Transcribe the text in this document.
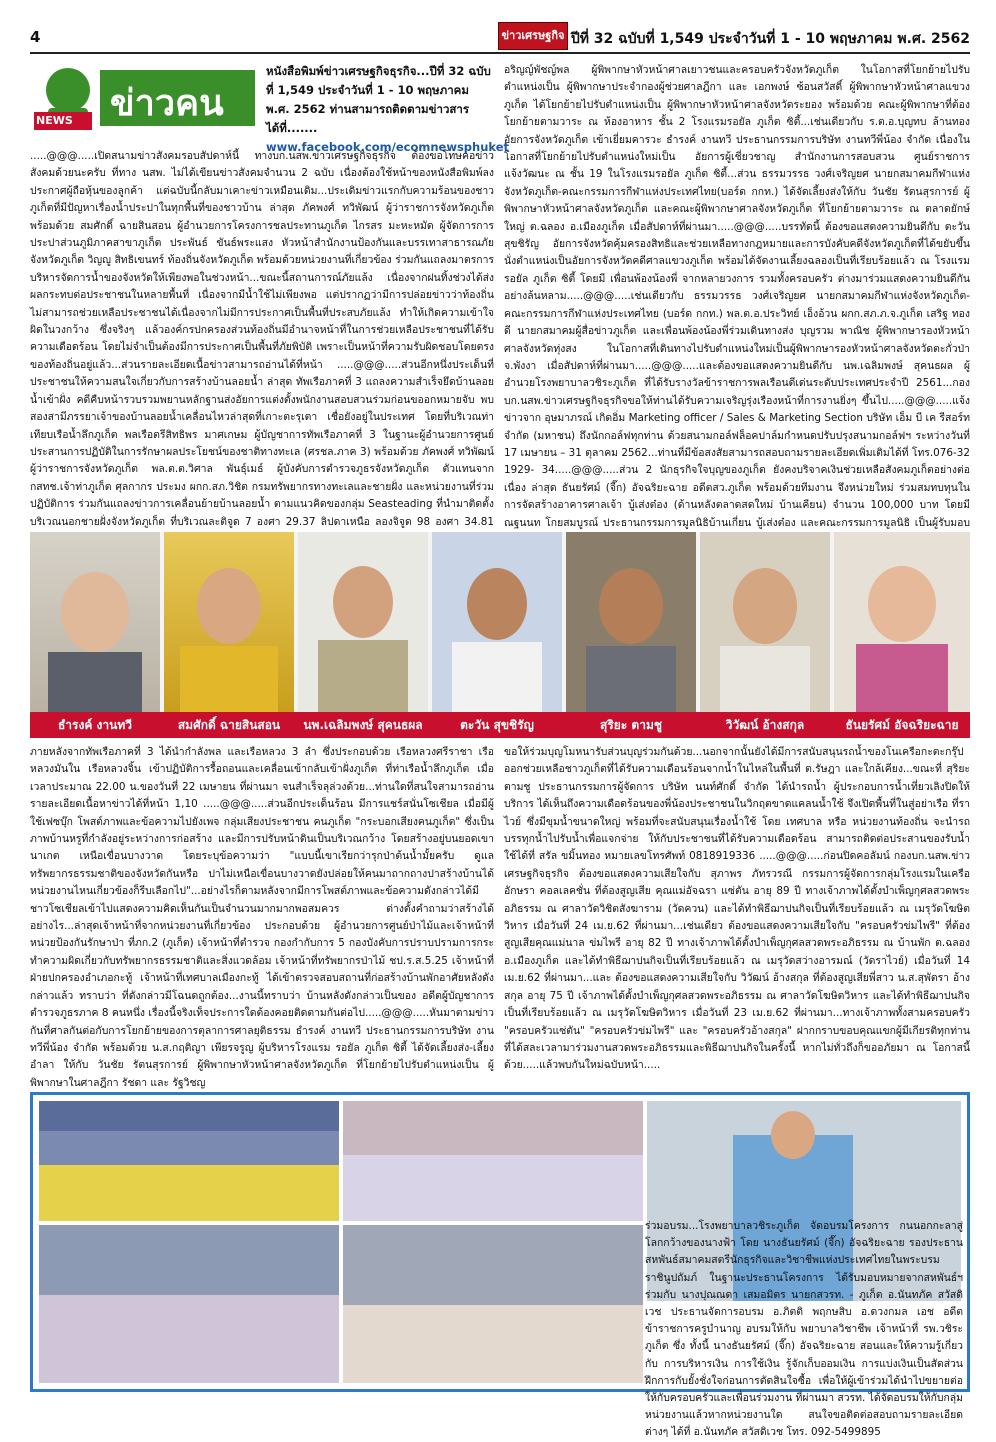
4	ข่าวเศรษฐกิจ ปีที่ 32 ฉบับที่ 1,549 ประจำวันที่ 1 - 10 พฤษภาคม พ.ศ. 2562
NEWS ข่าวคน
หนังสือพิมพ์ข่าวเศรษฐกิจธุรกิจ...ปีที่ 32 ฉบับที่ 1,549 ประจำวันที่ 1 - 10 พฤษภาคม พ.ศ. 2562 ท่านสามารถติดตามข่าวสารได้ที่.......
www.facebook.com/ecomnewsphuket

.....@@@.....เปิดสนามข่าวสังคมรอบสัปดาห์นี้ ทางบก.นสพ.ข่าวเศรษฐกิจธุรกิจ ต้องขอโทษคอข่าวสังคมด้วยนะครับ ที่ทาง นสพ. ไม่ได้เขียนข่าวสังคมจำนวน 2 ฉบับ เนื่องต้องใช้หน้าของหนังสือพิมพ์ลงประกาศผู้ถือหุ้นของลูกค้า แต่ฉบับนี้กลับมาเคาะข่าวเหมือนเดิม...ประเดิมข่าวแรกกับความร้อนของชาวภูเก็ตที่มีปัญหาเรื่องน้ำประปาในทุกพื้นที่ของชาวบ้าน ล่าสุด ภัคพงศ์ ทวิพัฒน์ ผู้ว่าราชการจังหวัดภูเก็ต พร้อมด้วย สมศักดิ์ ฉายสินสอน ผู้อำนวยการโครงการชลประทานภูเก็ต ไกรสร มะหะหมัด ผู้จัดการการประปาส่วนภูมิภาคสาขาภูเก็ต ประพันธ์ ขันธ์พระแสง หัวหน้าสำนักงานป้องกันและบรรเทาสาธารณภัยจังหวัดภูเก็ต วิญญู สิทธิเขนทร์ ท้องถิ่นจังหวัดภูเก็ต พร้อมด้วยหน่วยงานที่เกี่ยวข้อง ร่วมกันแถลงมาตรการบริหารจัดการน้ำของจังหวัดให้เพียงพอในช่วงหน้า...ขณะนี้สถานการณ์ภัยแล้ง เนื่องจากฝนทิ้งช่วงได้ส่งผลกระทบต่อประชาชนในหลายพื้นที่ เนื่องจากมีน้ำใช้ไม่เพียงพอ แต่ปรากฏว่ามีการปล่อยข่าวว่าท้องถิ่นไม่สามารถช่วยเหลือประชาชนได้เนื่องจากไม่มีการประกาศเป็นพื้นที่ประสบภัยแล้ง ทำให้เกิดความเข้าใจผิดในวงกว้าง ซึ่งจริงๆ แล้วองค์กรปกครองส่วนท้องถิ่นมีอำนาจหน้าที่ในการช่วยเหลือประชาชนที่ได้รับความเดือดร้อน โดยไม่จำเป็นต้องมีการประกาศเป็นพื้นที่ภัยพิบัติ เพราะเป็นหน้าที่ความรับผิดชอบโดยตรงของท้องถิ่นอยู่แล้ว...ส่วนรายละเอียดเนื้อข่าวสามารถอ่านได้ที่หน้า .....@@@.....ส่วนอีกหนึ่งประเด็นที่ประชาชนให้ความสนใจเกี่ยวกับการสร้างบ้านลอยน้ำ ล่าสุด ทัพเรือภาคที่ 3 แถลงความสำเร็จยึดบ้านลอยน้ำเข้าฝั่ง คดีคืบหน้ารวบรวมพยานหลักฐานส่งอัยการแต่งตั้งพนักงานสอบสวนร่วมก่อนขออกหมายจับ พบสองสามีภรรยาเจ้าของบ้านลอยน้ำเคลื่อนไหวล่าสุดที่เกาะตะรุเตา เชื่อยังอยู่ในประเทศ โดยที่บริเวณท่าเทียบเรือน้ำลึกภูเก็ต พลเรือตรีสิทธิพร มาศเกษม ผู้บัญชาการทัพเรือภาคที่ 3 ในฐานะผู้อำนวยการศูนย์ประสานการปฏิบัติในการรักษาผลประโยชน์ของชาติทางทะเล (ศรชล.ภาค 3) พร้อมด้วย ภัคพงศ์ ทวิพัฒน์ ผู้ว่าราชการจังหวัดภูเก็ต พล.ต.ต.วิศาล พันธุ์เมธ์ ผู้บังคับการตำรวจภูธรจังหวัดภูเก็ต ตัวแทนจาก กสทช.เจ้าท่าภูเก็ต ศุลกากร ประมง ผกก.สภ.วิชิต กรมทรัพยากรทางทะเลและชายฝั่ง และหน่วยงานที่ร่วมปฏิบัติการ ร่วมกันแถลงข่าวการเคลื่อนย้ายบ้านลอยน้ำ ตามแนวคิดของกลุ่ม Seasteading ที่นำมาติดตั้งบริเวณนอกชายฝั่งจังหวัดภูเก็ต ที่บริเวณละติจูด 7 องศา 29.37 ลิปดาเหนือ ลองจิจูด 98 องศา 34.81

อริญญ์พัชญ์พล ผู้พิพากษาหัวหน้าศาลเยาวชนและครอบครัวจังหวัดภูเก็ต ในโอกาสที่โยกย้ายไปรับตำแหน่งเป็น ผู้พิพากษาประจำกองผู้ช่วยศาลฎีกา และ เอกพงษ์ ซ้อนสวัสดิ์ ผู้พิพากษาหัวหน้าศาลแขวงภูเก็ต ได้โยกย้ายไปรับตำแหน่งเป็น ผู้พิพากษาหัวหน้าศาลจังหวัดระยอง พร้อมด้วย คณะผู้พิพากษาที่ต้องโยกย้ายตามวาระ ณ ห้องอาหาร ชั้น 2 โรงแรมรอยัล ภูเก็ต ซิตี้...เช่นเดียวกับ ร.ต.อ.บุญทบ ล้านทอง อัยการจังหวัดภูเก็ต เข้าเยี่ยมคารวะ ธำรงค์ งานทวี ประธานกรรมการบริษัท งานทวีพี่น้อง จำกัด เนื่องในโอกาสที่โยกย้ายไปรับตำแหน่งใหม่เป็น อัยการผู้เชี่ยวชาญ สำนักงานการสอบสวน ศูนย์ราชการ แจ้งวัฒนะ ณ ชั้น 19 ในโรงแรมรอยัล ภูเก็ต ซิตี้...ส่วน ธรรมวรรธ วงศ์เจริญยศ นายกสมาคมกีฬาแห่งจังหวัดภูเก็ต-คณะกรรมการกีฬาแห่งประเทศไทย(บอร์ด กกท.) ได้จัดเลี้ยงส่งให้กับ วันชัย รัตนสุรการย์ ผู้พิพากษาหัวหน้าศาลจังหวัดภูเก็ต และคณะผู้พิพากษาศาลจังหวัดภูเก็ต ที่โยกย้ายตามวาระ ณ ตลาดยักษ์ใหญ่ ต.ฉลอง อ.เมืองภูเก็ต เมื่อสัปดาห์ที่ผ่านมา.....@@@.....บรรทัดนี้ ต้องขอแสดงความยินดีกับ ตะวัน สุขชิรัญ อัยการจังหวัดคุ้มครองสิทธิและช่วยเหลือทางกฎหมายและการบังคับคดีจังหวัดภูเก็ตที่ได้ขยับขึ้นนั่งตำแหน่งเป็นอัยการจังหวัดคดีศาลแขวงภูเก็ต พร้อมได้จัดงานเลี้ยงฉลองเป็นที่เรียบร้อยแล้ว ณ โรงแรมรอยัล ภูเก็ต ซิตี้ โดยมี เพื่อนพ้องน้องพี่ จากหลายวงการ รวมทั้งครอบครัว ต่างมาร่วมแสดงความยินดีกันอย่างล้นหลาม.....@@@.....เช่นเดียวกับ ธรรมวรรธ วงศ์เจริญยศ นายกสมาคมกีฬาแห่งจังหวัดภูเก็ต-คณะกรรมการกีฬาแห่งประเทศไทย (บอร์ด กกท.) พล.ต.อ.ประวิทย์ เอ็งอ้วน ผกก.สภ.ภ.จ.ภูเก็ต เสริฐ ทองดี นายกสมาคมผู้สื่อข่าวภูเก็ต และเพื่อนพ้องน้องพี่ร่วมเดินทางส่ง บุญรวม พาณิช ผู้พิพากษารองหัวหน้าศาลจังหวัดทุ่งสง ในโอกาสที่เดินทางไปรับตำแหน่งใหม่เป็นผู้พิพากษารองหัวหน้าศาลจังหวัดตะกั่วป่า จ.พังงา เมื่อสัปดาห์ที่ผ่านมา.....@@@.....และต้องขอแสดงความยินดีกับ นพ.เฉลิมพงษ์ สุคนธผล ผู้อำนวยโรงพยาบาลวชิระภูเก็ต ที่ได้รับรางวัลข้าราชการพลเรือนดีเด่นระดับประเทศประจำปี 2561...กองบก.นสพ.ข่าวเศรษฐกิจธุรกิจขอให้ท่านได้รับความเจริญรุ่งเรืองหน้าที่การงานยิ่งๆ ขึ้นไป.....@@@.....แจ้งข่าวจาก อุษมาภรณ์ เกิดอิ่ม Marketing officer / Sales & Marketing Section บริษัท เอ็ม บี เค รีสอร์ท จำกัด (มหาชน) ถึงนักกอล์ฟทุกท่าน ด้วยสนามกอล์ฟล็อคปาล์มกำหนดปรับปรุงสนามกอล์ฟฯ ระหว่างวันที่ 17 เมษายน – 31 ตุลาคม 2562...ท่านที่มีข้อสงสัยสามารถสอบถามรายละเอียดเพิ่มเติมได้ที่ โทร.076-32 1929- 34.....@@@.....ส่วน 2 นักธุรกิจใจบุญของภูเก็ต ยังคงบริจาคเงินช่วยเหลือสังคมภูเก็ตอย่างต่อเนื่อง ล่าสุด ธันยรัศม์ (จี๊ก) อัจฉริยะฉาย อดีตสว.ภูเก็ต พร้อมด้วยทีมงาน จึงหน่วยใหม่ ร่วมสมทบทุนในการจัดสร้างอาคารศาลเจ้า บู้เส่งต๋อง (ด้านหลังตลาดสดใหม่ บ้านเคียน) จำนวน 100,000 บาท โดยมี ณฐนนท โกยสมบูรณ์ ประธานกรรมการมูลนิธิบ้านเกี่ยน บู้เส่งต๋อง และคณะกรรมการมูลนิธิ เป็นผู้รับมอบ

ธำรงค์ งานทวี	สมศักดิ์ ฉายสินสอน	นพ.เฉลิมพงษ์ สุคนธผล	ตะวัน สุขชิรัญ	สุริยะ ตามชู	วิวัฒน์ อ้างสกุล	ธันยรัศม์ อัจฉริยะฉาย

ภายหลังจากทัพเรือภาคที่ 3 ได้นำกำลังพล และเรือหลวง 3 ลำ ซึ่งประกอบด้วย เรือหลวงศรีราชา เรือหลวงมันใน เรือหลวงจิ้น เข้าปฏิบัติการรื้อถอนและเคลื่อนเข้ากลับเข้าฝั่งภูเก็ต ที่ท่าเรือน้ำลึกภูเก็ต เมื่อเวลาประมาณ 22.00 น.ของวันที่ 22 เมษายน ที่ผ่านมา จนสำเร็จลุล่วงด้วย...ท่านใดที่สนใจสามารถอ่านรายละเอียดเนื้อหาข่าวได้ที่หน้า 1,10 .....@@@.....ส่วนอีกประเด็นร้อน มีการแชร์สนั่นโซเชียล เมื่อมีผู้ใช้เฟซบุ๊ก โพสต์ภาพและข้อความไปยังเพจ กลุ่มเสียงประชาชน คนภูเก็ต "กระบอกเสียงคนภูเก็ต" ซึ่งเป็นภาพบ้านหรูที่กำลังอยู่ระหว่างการก่อสร้าง และมีการปรับหน้าดินเป็นบริเวณกว้าง โดยสร้างอยู่บนยอดเขานาเกต เหนือเขื่อนบางวาด โดยระบุข้อความว่า "แบบนี้เขาเรียกว่ารุกป่าต้นน้ำมั้ยครับ ดูแลทรัพยากรธรรมชาติของจังหวัดกันหรือ ปาไม่เหนือเขื่อนบางวาดยังปล่อยให้คนมาถากถางปาสร้างบ้านได้ หน่วยงานไหนเกี่ยวข้องก็รีบเลือกไป"...อย่างไรก็ตามหลังจากมีการโพสต์ภาพและข้อความดังกล่าวได้มีชาวโซเชียลเข้าไปแสดงความคิดเห็นกันเป็นจำนวนมากมากพอสมควร ต่างตั้งคำถามว่าสร้างได้อย่างไร...ล่าสุดเจ้าหน้าที่จากหน่วยงานที่เกี่ยวข้อง ประกอบด้วย ผู้อำนวยการศูนย์ป่าไม้และเจ้าหน้าที่หน่วยป้องกันรักษาป่า ที่ภก.2 (ภูเก็ต) เจ้าหน้าที่ตำรวจ กองกำกับการ 5 กองบังคับการปราบปรามการกระทำความผิดเกี่ยวกับทรัพยากรธรรมชาติและสิ่งแวดล้อม เจ้าหน้าที่ทรัพยากรป่าไม้ ชป.ร.ส.5.25 เจ้าหน้าที่ฝ่ายปกครองอำเภอกะทู้ เจ้าหน้าที่เทศบาลเมืองกะทู้ ได้เข้าตรวจสอบสถานที่ก่อสร้างบ้านพักอาศัยหลังดังกล่าวแล้ว ทราบว่า ที่ดังกล่าวมีโฉนดถูกต้อง...งานนี้ทราบว่า บ้านหลังดังกล่าวเป็นของ อดีตผู้บัญชาการตำรวจภูธรภาค 8 คนหนึ่ง เรื่องนี้จริงเท็จประการใดต้องคอยติดตามกันต่อไป.....@@@.....หันมาตามข่าวกันที่ศาลกันต่อกับการโยกย้ายของการตุลาการศาลยุติธรรม ธำรงค์ งานทวี ประธานกรรมการบริษัท งานทวีพี่น้อง จำกัด พร้อมด้วย น.ส.กฤติญา เพียรจรูญ ผู้บริหารโรงแรม รอยัล ภูเก็ต ซิตี้ ได้จัดเลี้ยงส่ง-เลี้ยงอำลา ให้กับ วันชัย รัตนสุรการย์ ผู้พิพากษาหัวหน้าศาลจังหวัดภูเก็ต ที่โยกย้ายไปรับตำแหน่งเป็น ผู้พิพากษาในศาลฎีกา รัชดา และ รัฐวิชญ

ขอให้ร่วมบุญโมหนารับส่วนบุญร่วมกันด้วย...นอกจากนั้นยังได้มีการสนับสนุนรถน้ำของโนเครือกะตะกรุ๊ปออกช่วยเหลือชาวภูเก็ตที่ได้รับความเดือนร้อนจากน้ำในไหล่ในพื้นที่ ต.รัษฎา และใกล้เคียง...ขณะที่ สุริยะ ตามชู ประธานกรรมการผู้จัดการ บริษัท นนท์ศักดิ์ จำกัด ได้นำรถน้ำ ผู้ประกอบการน้ำเที่ยวเลิงปิดให้บริการ ได้เห็นถึงความเดือดร้อนของพี่น้องประชาชนในวิกฤตขาดแคลนน้ำใช้ จึงเปิดพื้นที่ในสู่อย่าเรือ ที่ราไวย์ ซึ่งมีขุมน้ำขนาดใหญ่ พร้อมที่จะสนับสนุนเรื่องน้ำใช้ โดย เทศบาล หรือ หน่วยงานท้องถิ่น จะนำรถบรรทุกน้ำไปรับน้ำเพื่อแจกจ่าย ให้กับประชาชนที่ได้รับความเดือดร้อน สามารถติดต่อประสานของรับน้ำใช้ได้ที่ สรัล ขมิ้นทอง หมายเลขโทรศัพท์ 0818919336 .....@@@.....ก่อนปิดคอลัมน์ กองบก.นสพ.ข่าวเศรษฐกิจธุรกิจ ต้องขอแสดงความเสียใจกับ สุภาพร ภัทรวรณี กรรมการผู้จัดการกลุ่มโรงแรมในเครือ อักษรา คอลเลคชั่น ที่ต้องสูญเสีย คุณแม่อัจฉรา แซ่ตัน อายุ 89 ปี ทางเจ้าภาพได้ตั้งบำเพ็ญกุศลสวดพระอภิธรรม ณ ศาลาวัดวิชิตสังฆาราม (วัดควน) และได้ทำพิธีฌาปนกิจเป็นที่เรียบร้อยแล้ว ณ เมรุวัดโฆษิตวิหาร เมื่อวันที่ 24 เม.ย.62 ที่ผ่านมา...เช่นเดียว ต้องขอแสดงความเสียใจกับ "ครอบครัวข่มไพรี" ที่ต้องสูญเสียคุณแม่นาล ข่มไพรี อายุ 82 ปี ทางเจ้าภาพได้ตั้งบำเพ็ญกุศลสวดพระอภิธรรม ณ บ้านพัก ต.ฉลอง อ.เมืองภูเก็ต และได้ทำพิธีฌาปนกิจเป็นที่เรียบร้อยแล้ว ณ เมรุวัดสว่างอารมณ์ (วัดราไวย์) เมื่อวันที่ 14 เม.ย.62 ที่ผ่านมา...และ ต้องขอแสดงความเสียใจกับ วิวัฒน์ อ้างสกุล ที่ต้องสูญเสียพี่สาว น.ส.สุพัตรา อ้างสกุล อายุ 75 ปี เจ้าภาพได้ตั้งบำเพ็ญกุศลสวดพระอภิธรรม ณ ศาลาวัดโฆษิตวิหาร และได้ทำพิธีฌาปนกิจเป็นที่เรียบร้อยแล้ว ณ เมรุวัดโฆษิตวิหาร เมื่อวันที่ 23 เม.ย.62 ที่ผ่านมา...ทางเจ้าภาพทั้งสามครอบครัว "ครอบครัวแซ่ตัน" "ครอบครัวข่มไพรี" และ "ครอบครัวอ้างสกุล" ฝากกราบขอบคุณแขกผู้มีเกียรติทุกท่านที่ได้สละเวลามาร่วมงานสวดพระอภิธรรมและพิธีฌาปนกิจในครั้งนี้ หากไม่ทั่วถึงก็ขออภัยมา ณ โอกาสนี้ด้วย.....แล้วพบกันใหม่ฉบับหน้า.....

ร่วมอบรม...โรงพยาบาลวชิระภูเก็ต จัดอบรมโครงการ กนนอกกะลาสู่โลกกว้างของนางฟ้า โดย นางธันยรัศม์ (จี๊ก) อัจฉริยะฉาย รองประธานสหพันธ์สมาคมสตรีนักธุรกิจและวิชาชีพแห่งประเทศไทยในพระบรมราชินูปถัมภ์ ในฐานะประธานโครงการ ได้รับมอบหมายจากสหพันธ์ฯ ร่วมกับ นางปุณณดา เสมอมิตร นายกสวรท. - ภูเก็ต อ.นันทภัค สวัสดิเวช ประธานจัดการอบรม อ.ภิตติ พฤกษสิบ อ.ดวงกมล เอช อดีตข้าราชการครูบำนาญ อบรมให้กับ พยาบาลวิชาชีพ เจ้าหน้าที่ รพ.วชิระภูเก็ต ซึ่ง ทั้งนี้ นางธันยรัศม์ (จี๊ก) อัจฉริยะฉาย สอนและให้ความรู้เกี่ยวกับ การบริหารเงิน การใช้เงิน รู้จักเก็บออมเงิน การแบ่งเงินเป็นสัดส่วน ฝึกการกับยั้งชั่งใจก่อนการตัดสินใจซื้อ เพื่อให้ผู้เข้าร่วมได้นำไปขยายต่อให้กับครอบครัวและเพื่อนร่วมงาน ที่ผ่านมา สวรท. ได้จัดอบรมให้กับกลุ่มหน่วยงานแล้วหากหน่วยงานใด สนใจขอติดต่อสอบถามรายละเอียดต่างๆ ได้ที่ อ.นันทภัค สวัสดิเวช โทร. 092-5499895
